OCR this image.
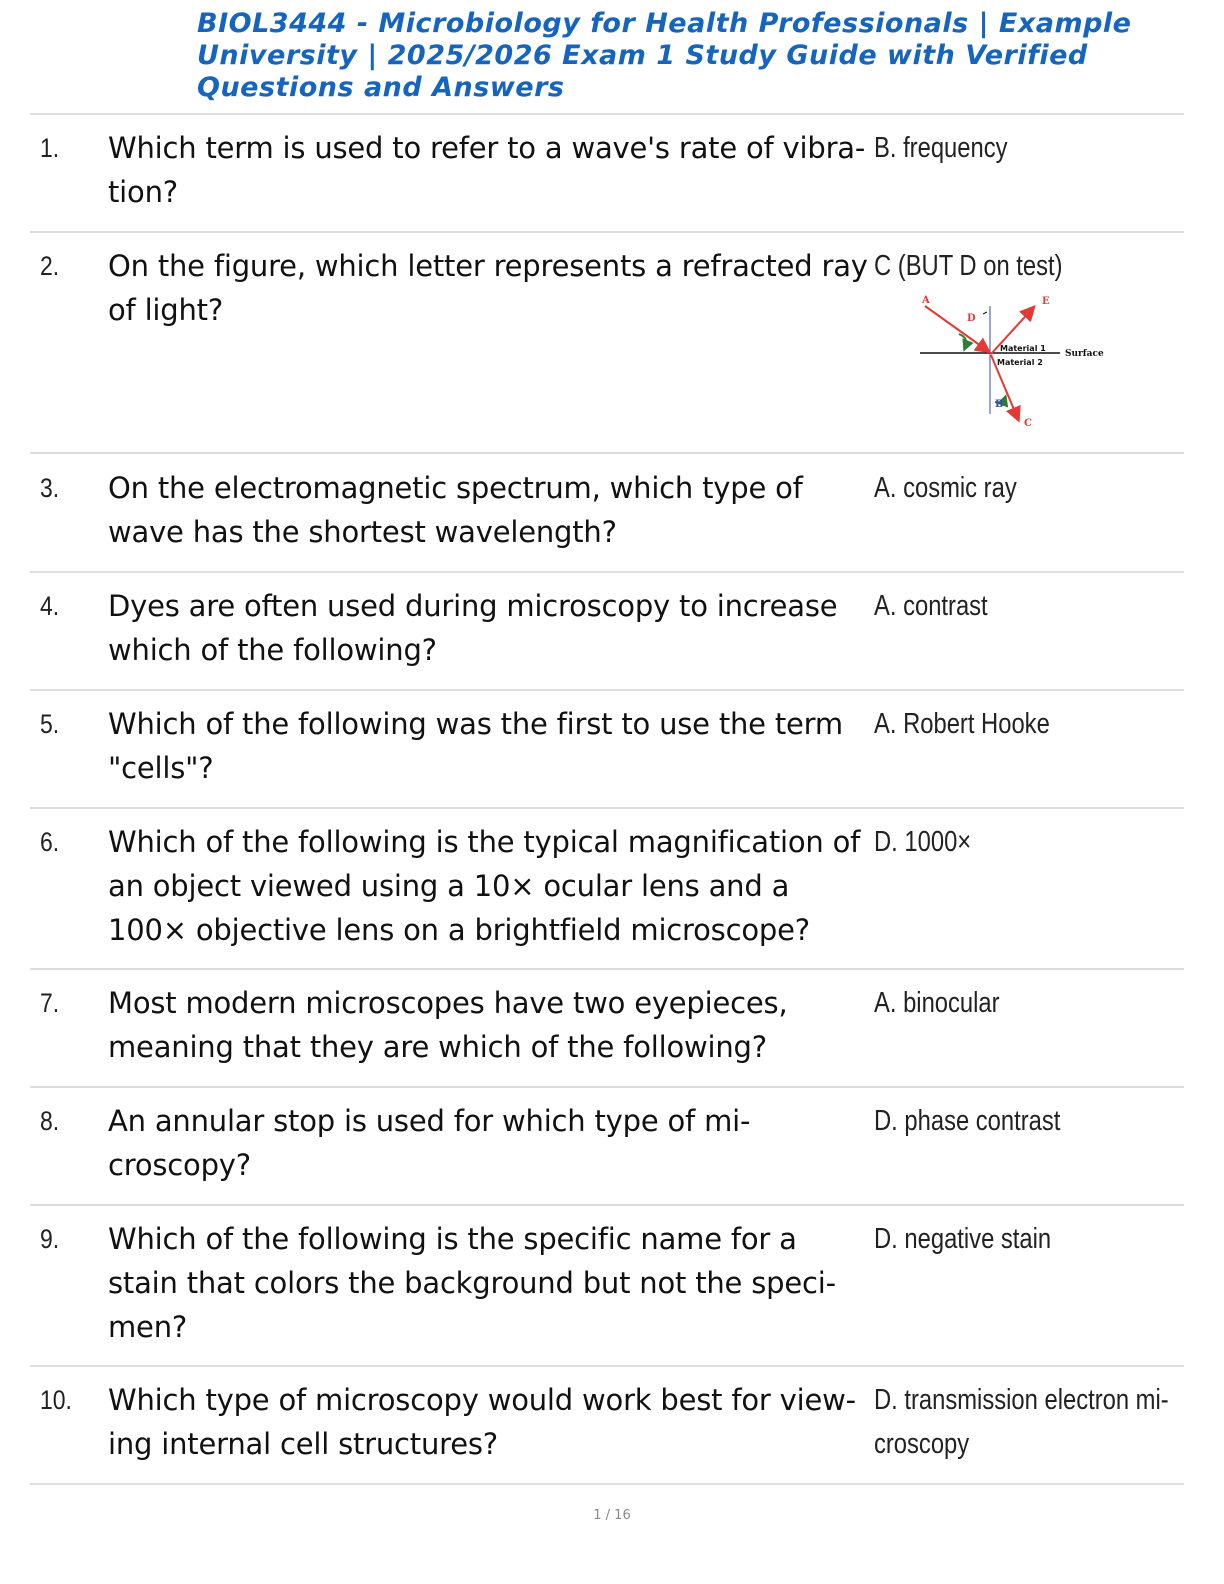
BIOL3444 - Microbiology for Health Professionals | Example University | 2025/2026 Exam 1 Study Guide with Verified Questions and Answers
1. Which term is used to refer to a wave's rate of vibra-tion?
B. frequency
2. On the figure, which letter represents a refracted ray of light?
C (BUT D on test)
A
D
E
B
C
Material 1
Material 2
Surface
3. On the electromagnetic spectrum, which type of wave has the shortest wavelength?
A. cosmic ray
4. Dyes are often used during microscopy to increase which of the following?
A. contrast
5. Which of the following was the first to use the term "cells"?
A. Robert Hooke
6. Which of the following is the typical magnification of an object viewed using a 10× ocular lens and a 100× objective lens on a brightfield microscope?
D. 1000×
7. Most modern microscopes have two eyepieces, meaning that they are which of the following?
A. binocular
8. An annular stop is used for which type of mi-croscopy?
D. phase contrast
9. Which of the following is the specific name for a stain that colors the background but not the speci-men?
D. negative stain
10. Which type of microscopy would work best for view-ing internal cell structures?
D. transmission electron mi-
croscopy
1 / 16
